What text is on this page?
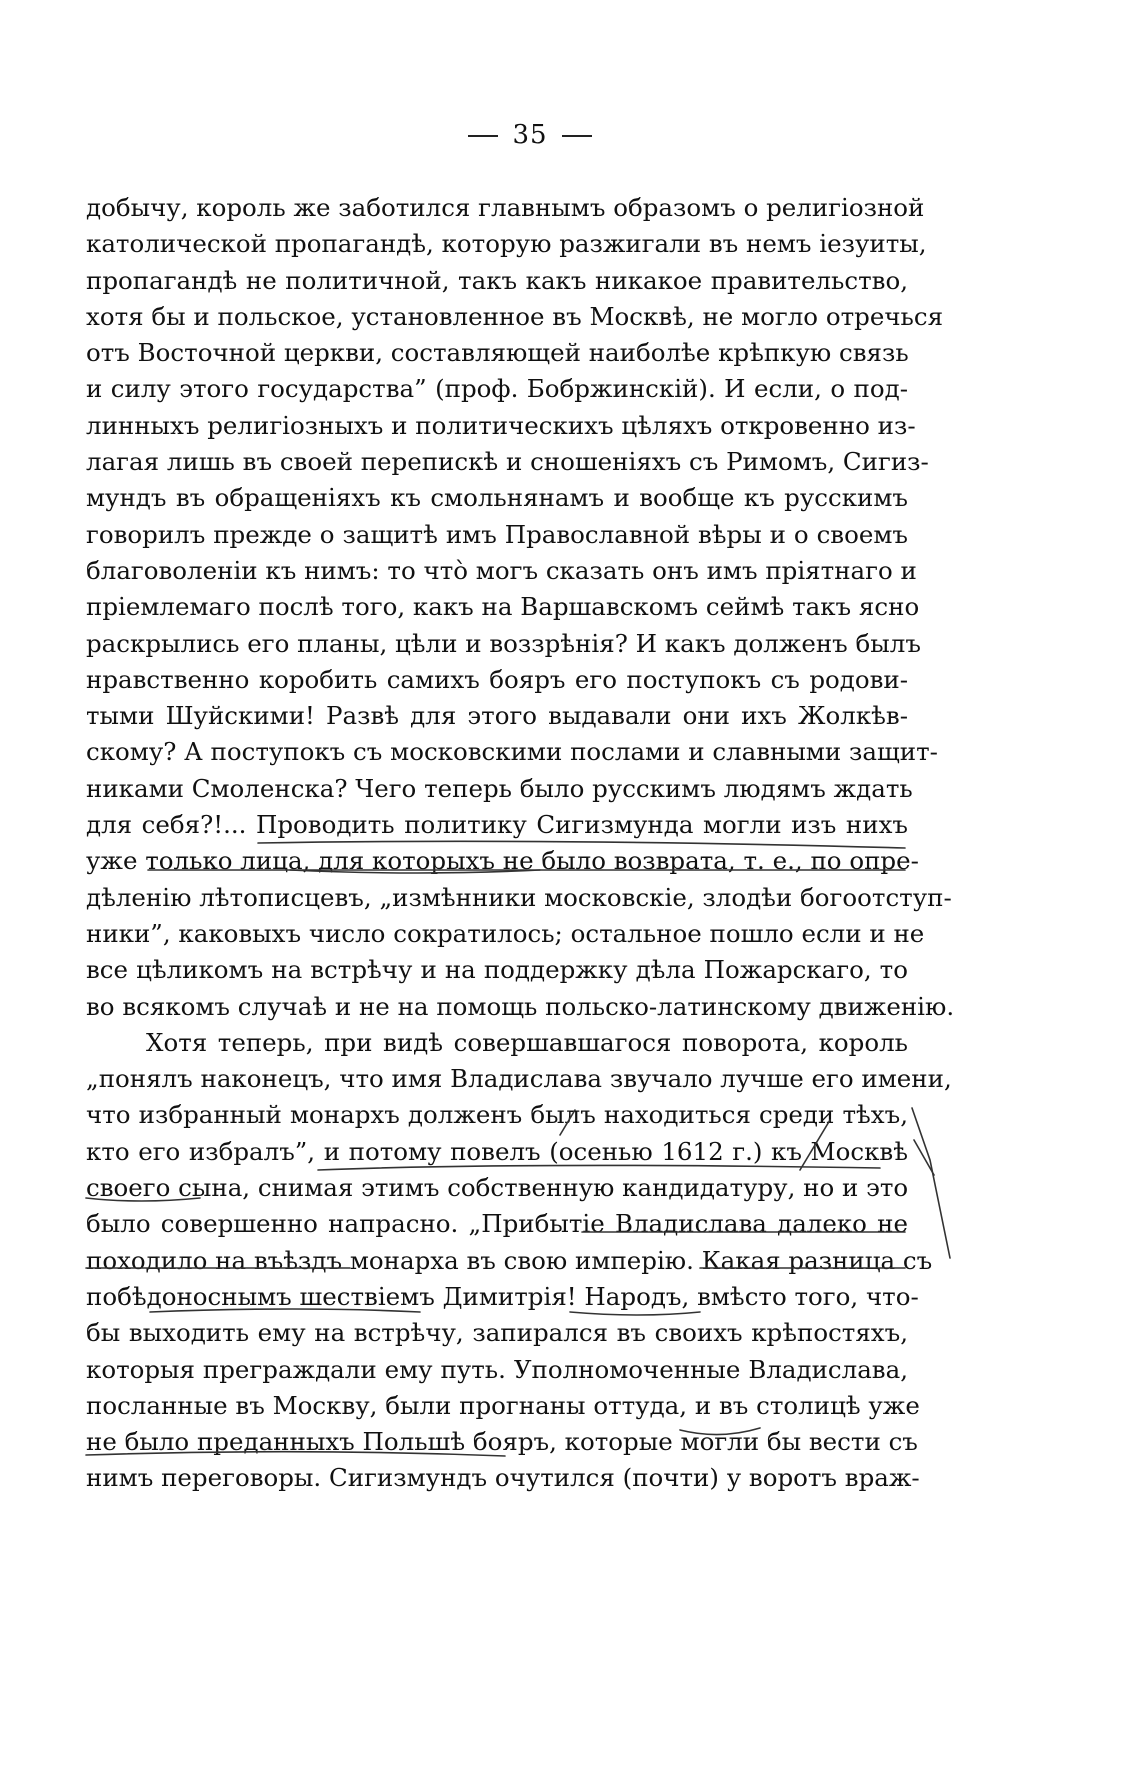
35
добычу, король же заботился главнымъ образомъ о религіозной
католической пропагандѣ, которую разжигали въ немъ іезуиты,
пропагандѣ не политичной, такъ какъ никакое правительство,
хотя бы и польское, установленное въ Москвѣ, не могло отречься
отъ Восточной церкви, составляющей наиболѣе крѣпкую связь
и силу этого государства” (проф. Бобржинскій). И если, о под-
линныхъ религіозныхъ и политическихъ цѣляхъ откровенно из-
лагая лишь въ своей перепискѣ и сношеніяхъ съ Римомъ, Сигиз-
мундъ въ обращеніяхъ къ смольнянамъ и вообще къ русскимъ
говорилъ прежде о защитѣ имъ Православной вѣры и о своемъ
благоволеніи къ нимъ: то что̀ могъ сказать онъ имъ пріятнаго и
пріемлемаго послѣ того, какъ на Варшавскомъ сеймѣ такъ ясно
раскрылись его планы, цѣли и воззрѣнія? И какъ долженъ былъ
нравственно коробить самихъ бояръ его поступокъ съ родови-
тыми Шуйскими! Развѣ для этого выдавали они ихъ Жолкѣв-
скому? А поступокъ съ московскими послами и славными защит-
никами Смоленска? Чего теперь было русскимъ людямъ ждать
для себя?!... Проводить политику Сигизмунда могли изъ нихъ
уже только лица, для которыхъ не было возврата, т. е., по опре-
дѣленію лѣтописцевъ, „измѣнники московскіе, злодѣи богоотступ-
ники”, каковыхъ число сократилось; остальное пошло если и не
все цѣликомъ на встрѣчу и на поддержку дѣла Пожарскаго, то
во всякомъ случаѣ и не на помощь польско-латинскому движенію.
Хотя теперь, при видѣ совершавшагося поворота, король
„понялъ наконецъ, что имя Владислава звучало лучше его имени,
что избранный монархъ долженъ былъ находиться среди тѣхъ,
кто его избралъ”, и потому повелъ (осенью 1612 г.) къ Москвѣ
своего сына, снимая этимъ собственную кандидатуру, но и это
было совершенно напрасно. „Прибытіе Владислава далеко не
походило на въѣздъ монарха въ свою имперію. Какая разница съ
побѣдоноснымъ шествіемъ Димитрія! Народъ, вмѣсто того, что-
бы выходить ему на встрѣчу, запирался въ своихъ крѣпостяхъ,
которыя преграждали ему путь. Уполномоченные Владислава,
посланные въ Москву, были прогнаны оттуда, и въ столицѣ уже
не было преданныхъ Польшѣ бояръ, которые могли бы вести съ
нимъ переговоры. Сигизмундъ очутился (почти) у воротъ враж-
